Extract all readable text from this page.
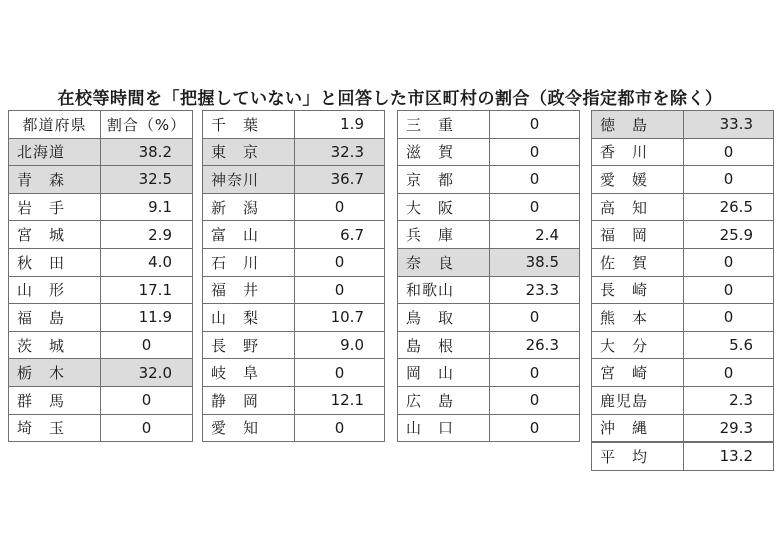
在校等時間を「把握していない」と回答した市区町村の割合（政令指定都市を除く）
都道府県	割合（%）
北海道	38.2
青　森	32.5
岩　手	9.1
宮　城	2.9
秋　田	4.0
山　形	17.1
福　島	11.9
茨　城	0
栃　木	32.0
群　馬	0
埼　玉	0
千　葉	1.9
東　京	32.3
神奈川	36.7
新　潟	0
富　山	6.7
石　川	0
福　井	0
山　梨	10.7
長　野	9.0
岐　阜	0
静　岡	12.1
愛　知	0
三　重	0
滋　賀	0
京　都	0
大　阪	0
兵　庫	2.4
奈　良	38.5
和歌山	23.3
鳥　取	0
島　根	26.3
岡　山	0
広　島	0
山　口	0
徳　島	33.3
香　川	0
愛　媛	0
高　知	26.5
福　岡	25.9
佐　賀	0
長　崎	0
熊　本	0
大　分	5.6
宮　崎	0
鹿児島	2.3
沖　縄	29.3
平　均	13.2
